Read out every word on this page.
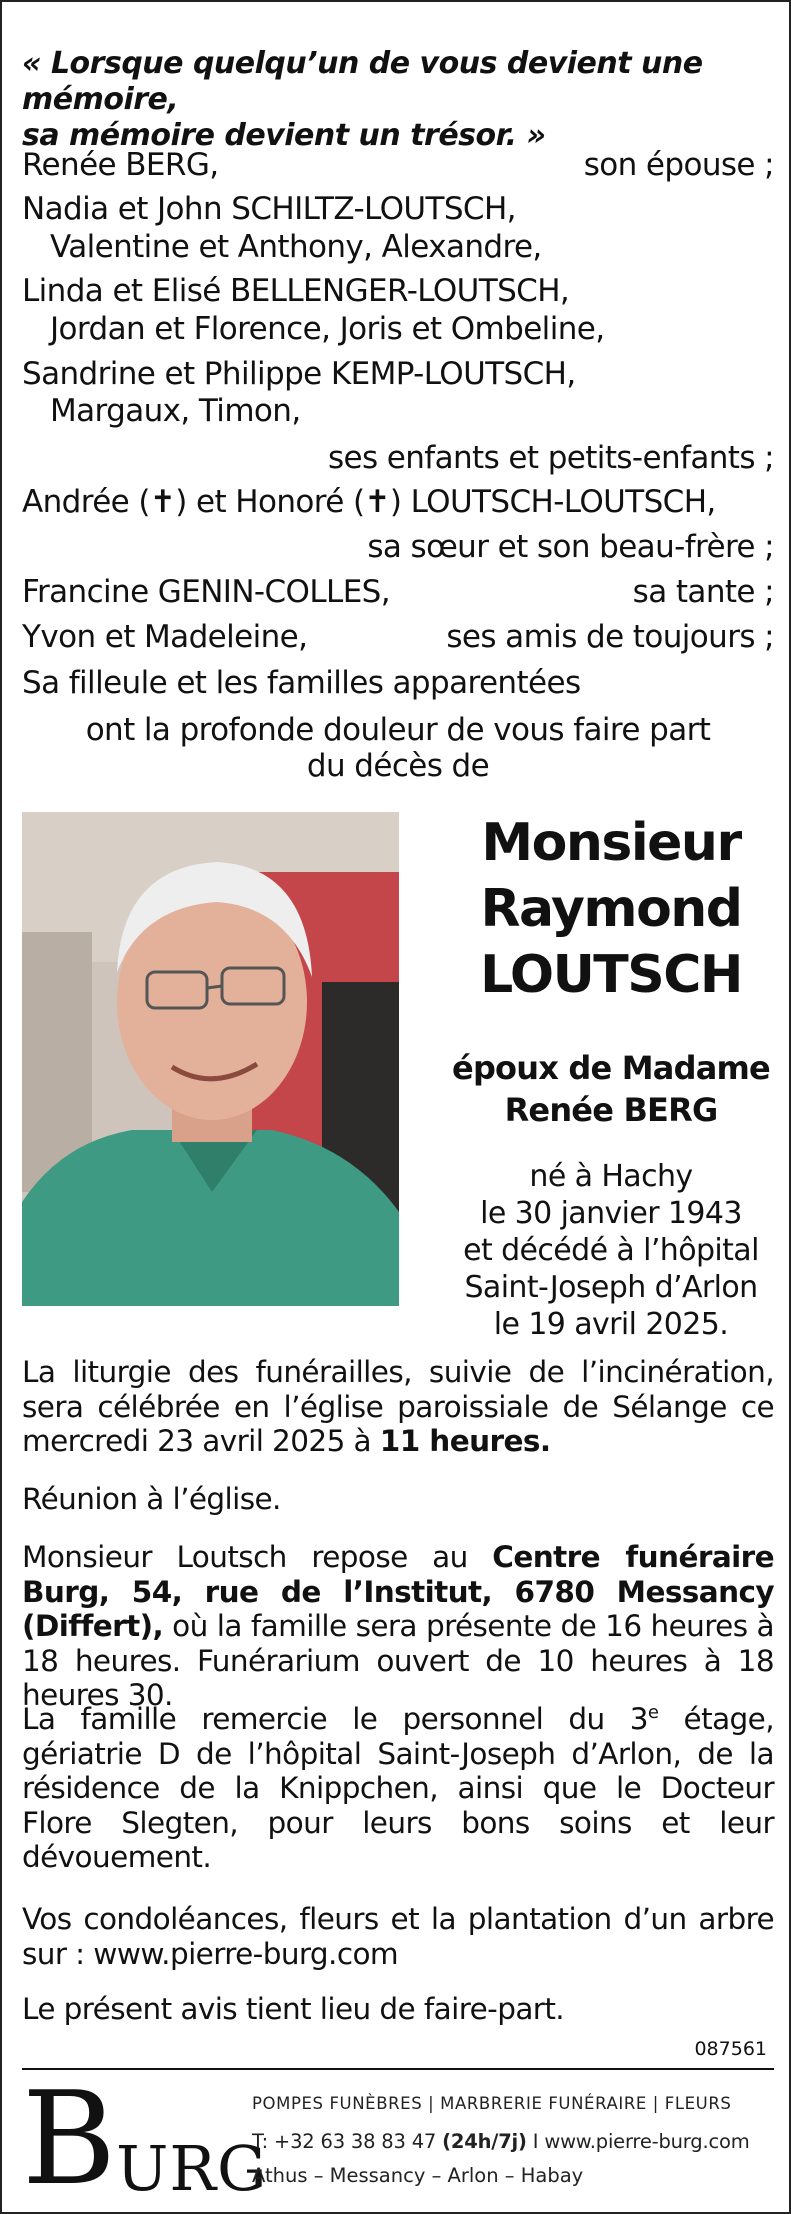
« Lorsque quelqu’un de vous devient une mémoire,
sa mémoire devient un trésor. »
Renée BERG,	son épouse ;
Nadia et John SCHILTZ-LOUTSCH,
Valentine et Anthony, Alexandre,
Linda et Elisé BELLENGER-LOUTSCH,
Jordan et Florence, Joris et Ombeline,
Sandrine et Philippe KEMP-LOUTSCH,
Margaux, Timon,
ses enfants et petits-enfants ;
Andrée (✝) et Honoré (✝) LOUTSCH-LOUTSCH,
sa sœur et son beau-frère ;
Francine GENIN-COLLES,	sa tante ;
Yvon et Madeleine,	ses amis de toujours ;
Sa filleule et les familles apparentées
ont la profonde douleur de vous faire part
du décès de
Monsieur
Raymond
LOUTSCH
époux de Madame
Renée BERG
né à Hachy
le 30 janvier 1943
et décédé à l’hôpital
Saint-Joseph d’Arlon
le 19 avril 2025.
La liturgie des funérailles, suivie de l’incinération, sera célébrée en l’église paroissiale de Sélange ce mercredi 23 avril 2025 à 11 heures.
Réunion à l’église.
Monsieur Loutsch repose au Centre funéraire Burg, 54, rue de l’Institut, 6780 Messancy (Differt), où la famille sera présente de 16 heures à 18 heures. Funérarium ouvert de 10 heures à 18 heures 30.
La famille remercie le personnel du 3e étage, gériatrie D de l’hôpital Saint-Joseph d’Arlon, de la résidence de la Knippchen, ainsi que le Docteur Flore Slegten, pour leurs bons soins et leur dévouement.
Vos condoléances, fleurs et la plantation d’un arbre sur : www.pierre-burg.com
Le présent avis tient lieu de faire-part.
087561
BURG
POMPES FUNÈBRES | MARBRERIE FUNÉRAIRE | FLEURS
T: +32 63 38 83 47 (24h/7j) I www.pierre-burg.com
Athus – Messancy – Arlon – Habay
